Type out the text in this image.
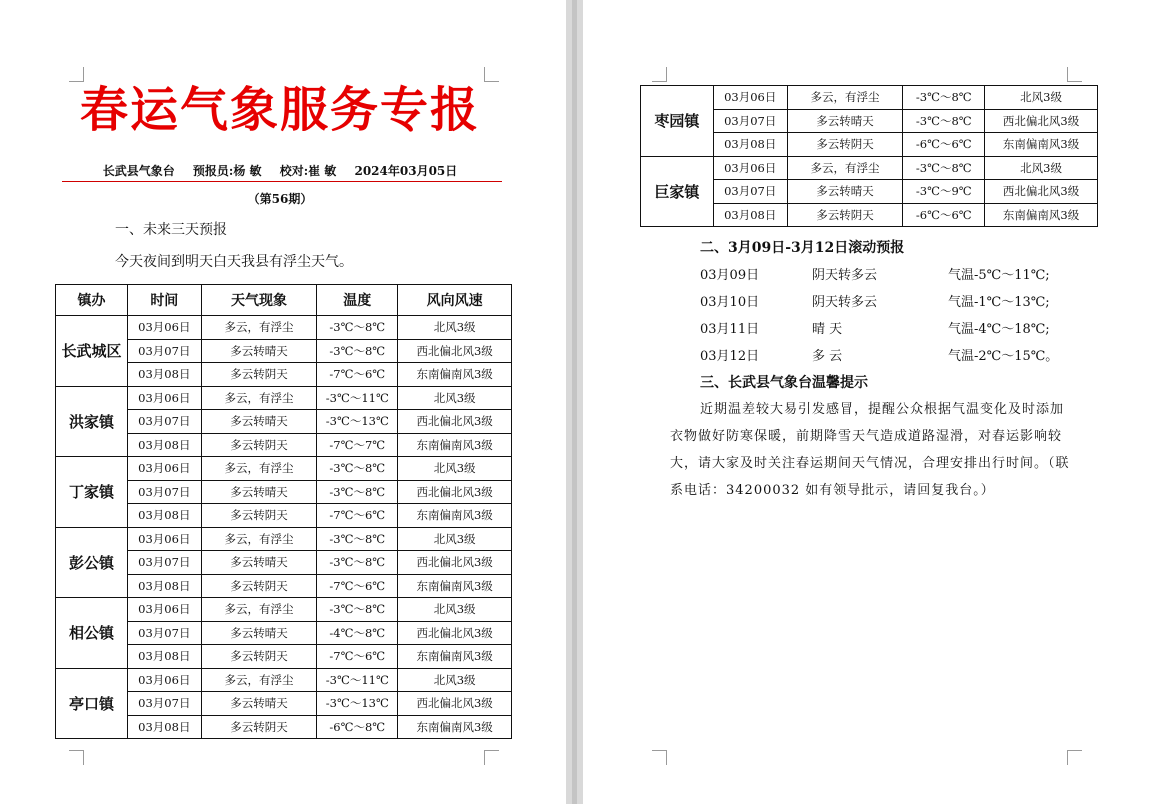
春运气象服务专报
长武县气象台 预报员:杨 敏 校对:崔 敏 2024年03月05日
（第56期）
一、未来三天预报
今天夜间到明天白天我县有浮尘天气。
镇办	时间	天气现象	温度	风向风速
长武城区	03月06日	多云，有浮尘	-3℃～8℃	北风3级
	03月07日	多云转晴天	-3℃～8℃	西北偏北风3级
	03月08日	多云转阴天	-7℃～6℃	东南偏南风3级
洪家镇	03月06日	多云，有浮尘	-3℃～11℃	北风3级
	03月07日	多云转晴天	-3℃～13℃	西北偏北风3级
	03月08日	多云转阴天	-7℃～7℃	东南偏南风3级
丁家镇	03月06日	多云，有浮尘	-3℃～8℃	北风3级
	03月07日	多云转晴天	-3℃～8℃	西北偏北风3级
	03月08日	多云转阴天	-7℃～6℃	东南偏南风3级
彭公镇	03月06日	多云，有浮尘	-3℃～8℃	北风3级
	03月07日	多云转晴天	-3℃～8℃	西北偏北风3级
	03月08日	多云转阴天	-7℃～6℃	东南偏南风3级
相公镇	03月06日	多云，有浮尘	-3℃～8℃	北风3级
	03月07日	多云转晴天	-4℃～8℃	西北偏北风3级
	03月08日	多云转阴天	-7℃～6℃	东南偏南风3级
亭口镇	03月06日	多云，有浮尘	-3℃～11℃	北风3级
	03月07日	多云转晴天	-3℃～13℃	西北偏北风3级
	03月08日	多云转阴天	-6℃～8℃	东南偏南风3级
枣园镇	03月06日	多云，有浮尘	-3℃～8℃	北风3级
	03月07日	多云转晴天	-3℃～8℃	西北偏北风3级
	03月08日	多云转阴天	-6℃～6℃	东南偏南风3级
巨家镇	03月06日	多云，有浮尘	-3℃～8℃	北风3级
	03月07日	多云转晴天	-3℃～9℃	西北偏北风3级
	03月08日	多云转阴天	-6℃～6℃	东南偏南风3级
二、3月09日-3月12日滚动预报
03月09日	阴天转多云	气温-5℃～11℃;
03月10日	阴天转多云	气温-1℃～13℃;
03月11日	晴 天	气温-4℃～18℃;
03月12日	多 云	气温-2℃～15℃。
三、长武县气象台温馨提示
近期温差较大易引发感冒，提醒公众根据气温变化及时添加衣物做好防寒保暖，前期降雪天气造成道路湿滑，对春运影响较大，请大家及时关注春运期间天气情况，合理安排出行时间。（联系电话：34200032 如有领导批示，请回复我台。）
